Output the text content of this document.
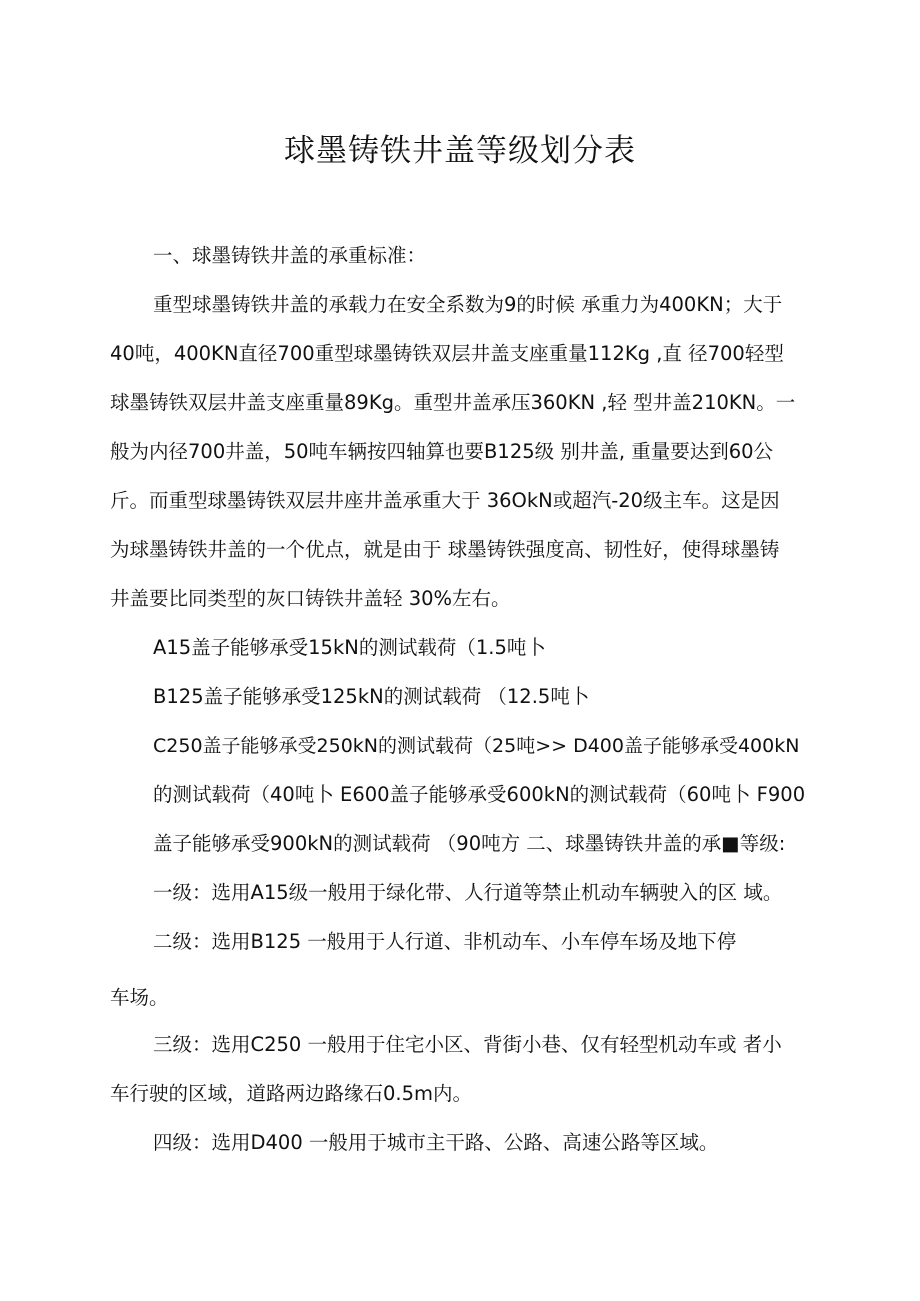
球墨铸铁井盖等级划分表
一、球墨铸铁井盖的承重标准：
重型球墨铸铁井盖的承载力在安全系数为9的时候 承重力为400KN；大于
40吨，400KN直径700重型球墨铸铁双层井盖支座重量112Kg ,直 径700轻型
球墨铸铁双层井盖支座重量89Kg。重型井盖承压360KN ,轻 型井盖210KN。一
般为内径700井盖，50吨车辆按四轴算也要B125级 别井盖, 重量要达到60公
斤。而重型球墨铸铁双层井座井盖承重大于 36OkN或超汽-20级主车。这是因
为球墨铸铁井盖的一个优点，就是由于 球墨铸铁强度高、韧性好，使得球墨铸
井盖要比同类型的灰口铸铁井盖轻 30%左右。
A15盖子能够承受15kN的测试载荷（1.5吨卜
B125盖子能够承受125kN的测试载荷 （12.5吨卜
C250盖子能够承受250kN的测试载荷（25吨>> D400盖子能够承受400kN
的测试载荷（40吨卜 E600盖子能够承受600kN的测试载荷（60吨卜 F900
盖子能够承受900kN的测试载荷 （90吨方 二、球墨铸铁井盖的承■等级:
一级：选用A15级一般用于绿化带、人行道等禁止机动车辆驶入的区 域。
二级：选用B125 一般用于人行道、非机动车、小车停车场及地下停
车场。
三级：选用C250 一般用于住宅小区、背街小巷、仅有轻型机动车或 者小
车行驶的区域，道路两边路缘石0.5m内。
四级：选用D400 一般用于城市主干路、公路、高速公路等区域。
